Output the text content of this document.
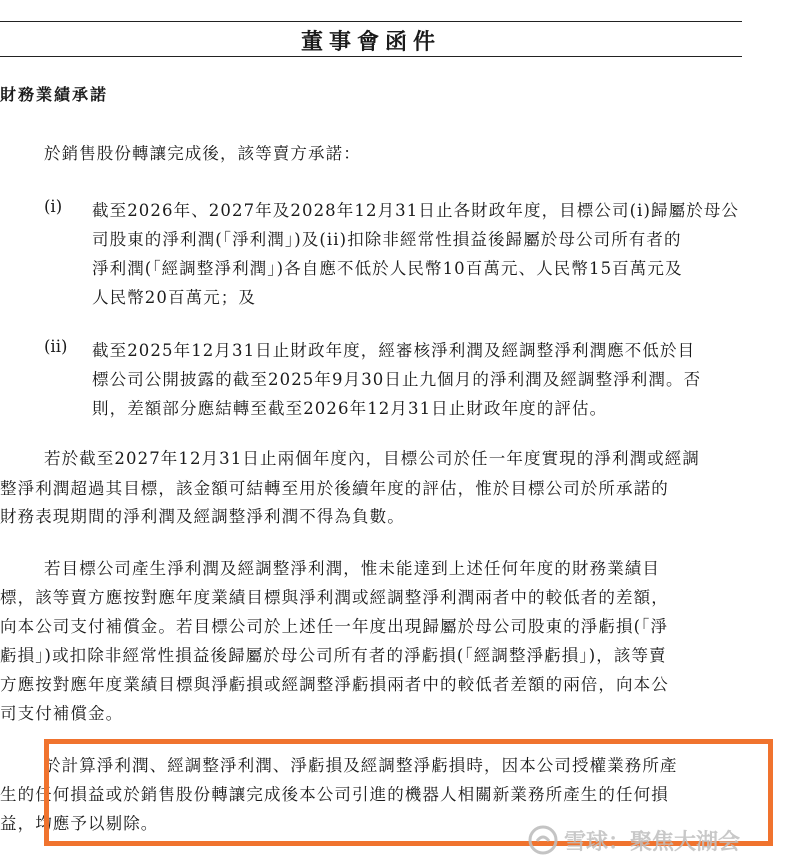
董事會函件
財務業績承諾
於銷售股份轉讓完成後，該等賣方承諾：
(i) 截至2026年、2027年及2028年12月31日止各財政年度，目標公司(i)歸屬於母公
司股東的淨利潤(「淨利潤」)及(ii)扣除非經常性損益後歸屬於母公司所有者的
淨利潤(「經調整淨利潤」)各自應不低於人民幣10百萬元、人民幣15百萬元及
人民幣20百萬元；及
(ii) 截至2025年12月31日止財政年度，經審核淨利潤及經調整淨利潤應不低於目
標公司公開披露的截至2025年9月30日止九個月的淨利潤及經調整淨利潤。否
則，差額部分應結轉至截至2026年12月31日止財政年度的評估。
若於截至2027年12月31日止兩個年度內，目標公司於任一年度實現的淨利潤或經調
整淨利潤超過其目標，該金額可結轉至用於後續年度的評估，惟於目標公司於所承諾的
財務表現期間的淨利潤及經調整淨利潤不得為負數。
若目標公司產生淨利潤及經調整淨利潤，惟未能達到上述任何年度的財務業績目
標，該等賣方應按對應年度業績目標與淨利潤或經調整淨利潤兩者中的較低者的差額，
向本公司支付補償金。若目標公司於上述任一年度出現歸屬於母公司股東的淨虧損(「淨
虧損」)或扣除非經常性損益後歸屬於母公司所有者的淨虧損(「經調整淨虧損」)，該等賣
方應按對應年度業績目標與淨虧損或經調整淨虧損兩者中的較低者差額的兩倍，向本公
司支付補償金。
於計算淨利潤、經調整淨利潤、淨虧損及經調整淨虧損時，因本公司授權業務所產
生的任何損益或於銷售股份轉讓完成後本公司引進的機器人相關新業務所產生的任何損
益，均應予以剔除。
雪球：聚焦大湖会
